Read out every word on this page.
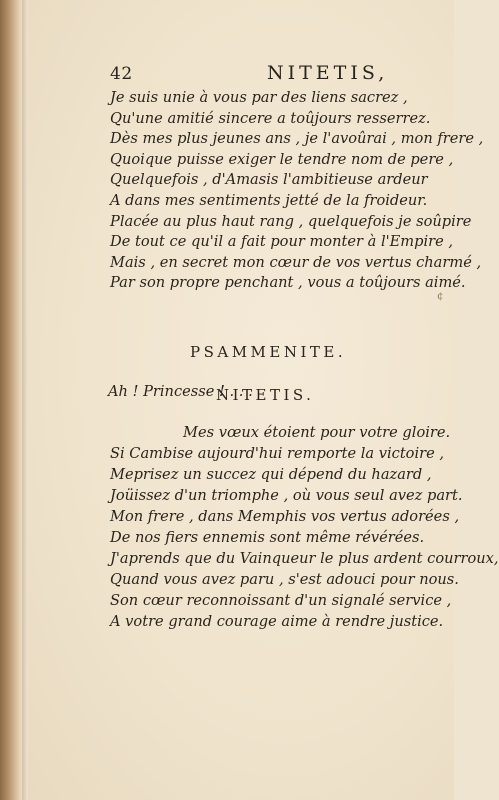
42	NITETIS,
Je suis unie à vous par des liens sacrez ,
Qu'une amitié sincere a toûjours resserrez.
Dès mes plus jeunes ans , je l'avoûrai , mon frere ,
Quoique puisse exiger le tendre nom de pere ,
Quelquefois , d'Amasis l'ambitieuse ardeur
A dans mes sentiments jetté de la froideur.
Placée au plus haut rang , quelquefois je soûpire
De tout ce qu'il a fait pour monter à l'Empire ,
Mais , en secret mon cœur de vos vertus charmé ,
Par son propre penchant , vous a toûjours aimé.
PSAMMENITE.
Ah ! Princesse ! . . .
NITETIS.
Mes vœux étoient pour votre gloire.
Si Cambise aujourd'hui remporte la victoire ,
Meprisez un succez qui dépend du hazard ,
Joüissez d'un triomphe , où vous seul avez part.
Mon frere , dans Memphis vos vertus adorées ,
De nos fiers ennemis sont même révérées.
J'aprends que du Vainqueur le plus ardent courroux,
Quand vous avez paru , s'est adouci pour nous.
Son cœur reconnoissant d'un signalé service ,
A votre grand courage aime à rendre justice.
¢
